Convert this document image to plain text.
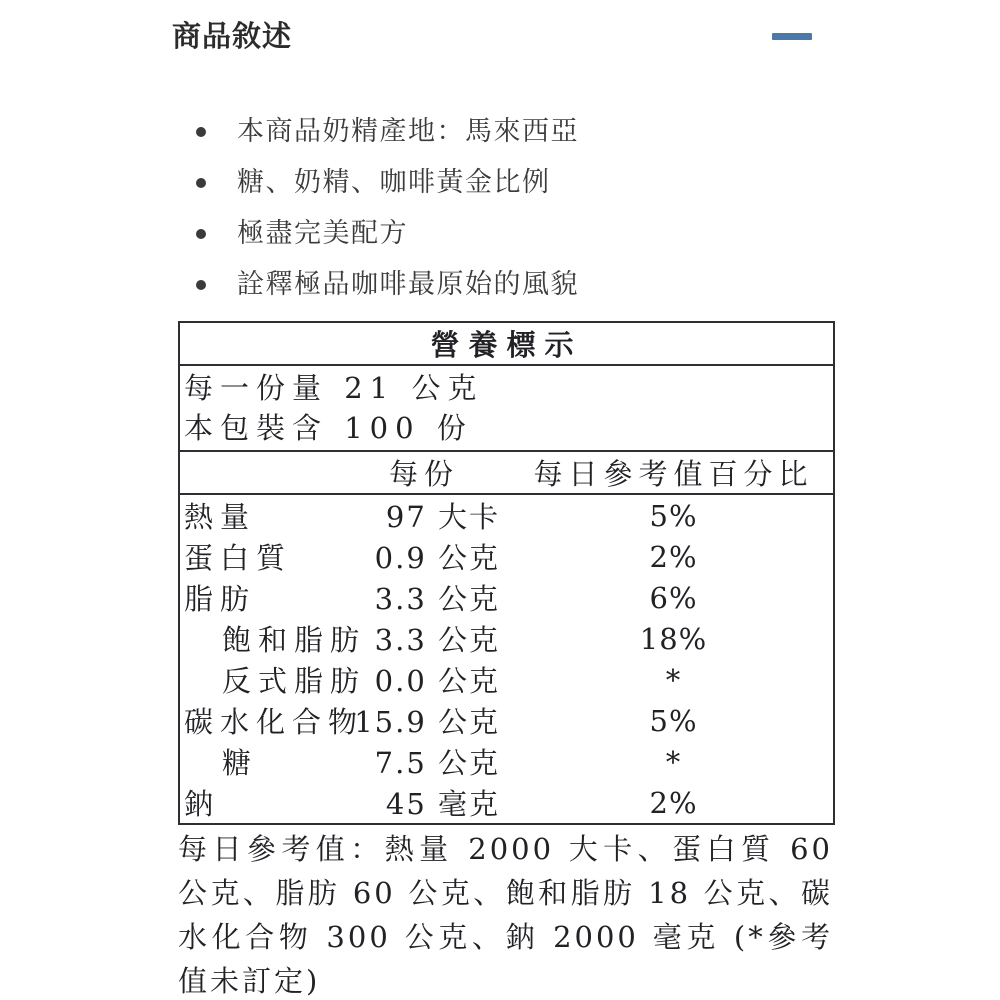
商品敘述
本商品奶精產地：馬來西亞
糖、奶精、咖啡黃金比例
極盡完美配方
詮釋極品咖啡最原始的風貌
營養標示		

每一份量 21 公克
本包裝含 100 份		

	每份	每日參考值百分比
熱量	97 大卡	5%
蛋白質	0.9 公克	2%
脂肪	3.3 公克	6%
飽和脂肪	3.3 公克	18%
反式脂肪	0.0 公克	*
碳水化合物	15.9 公克	5%
糖	7.5 公克	*
鈉	45 毫克	2%

每日參考值：熱量 2000 大卡、蛋白質 60 公克、脂肪 60 公克、飽和脂肪 18 公克、碳水化合物 300 公克、鈉 2000 毫克 (*參考值未訂定)
